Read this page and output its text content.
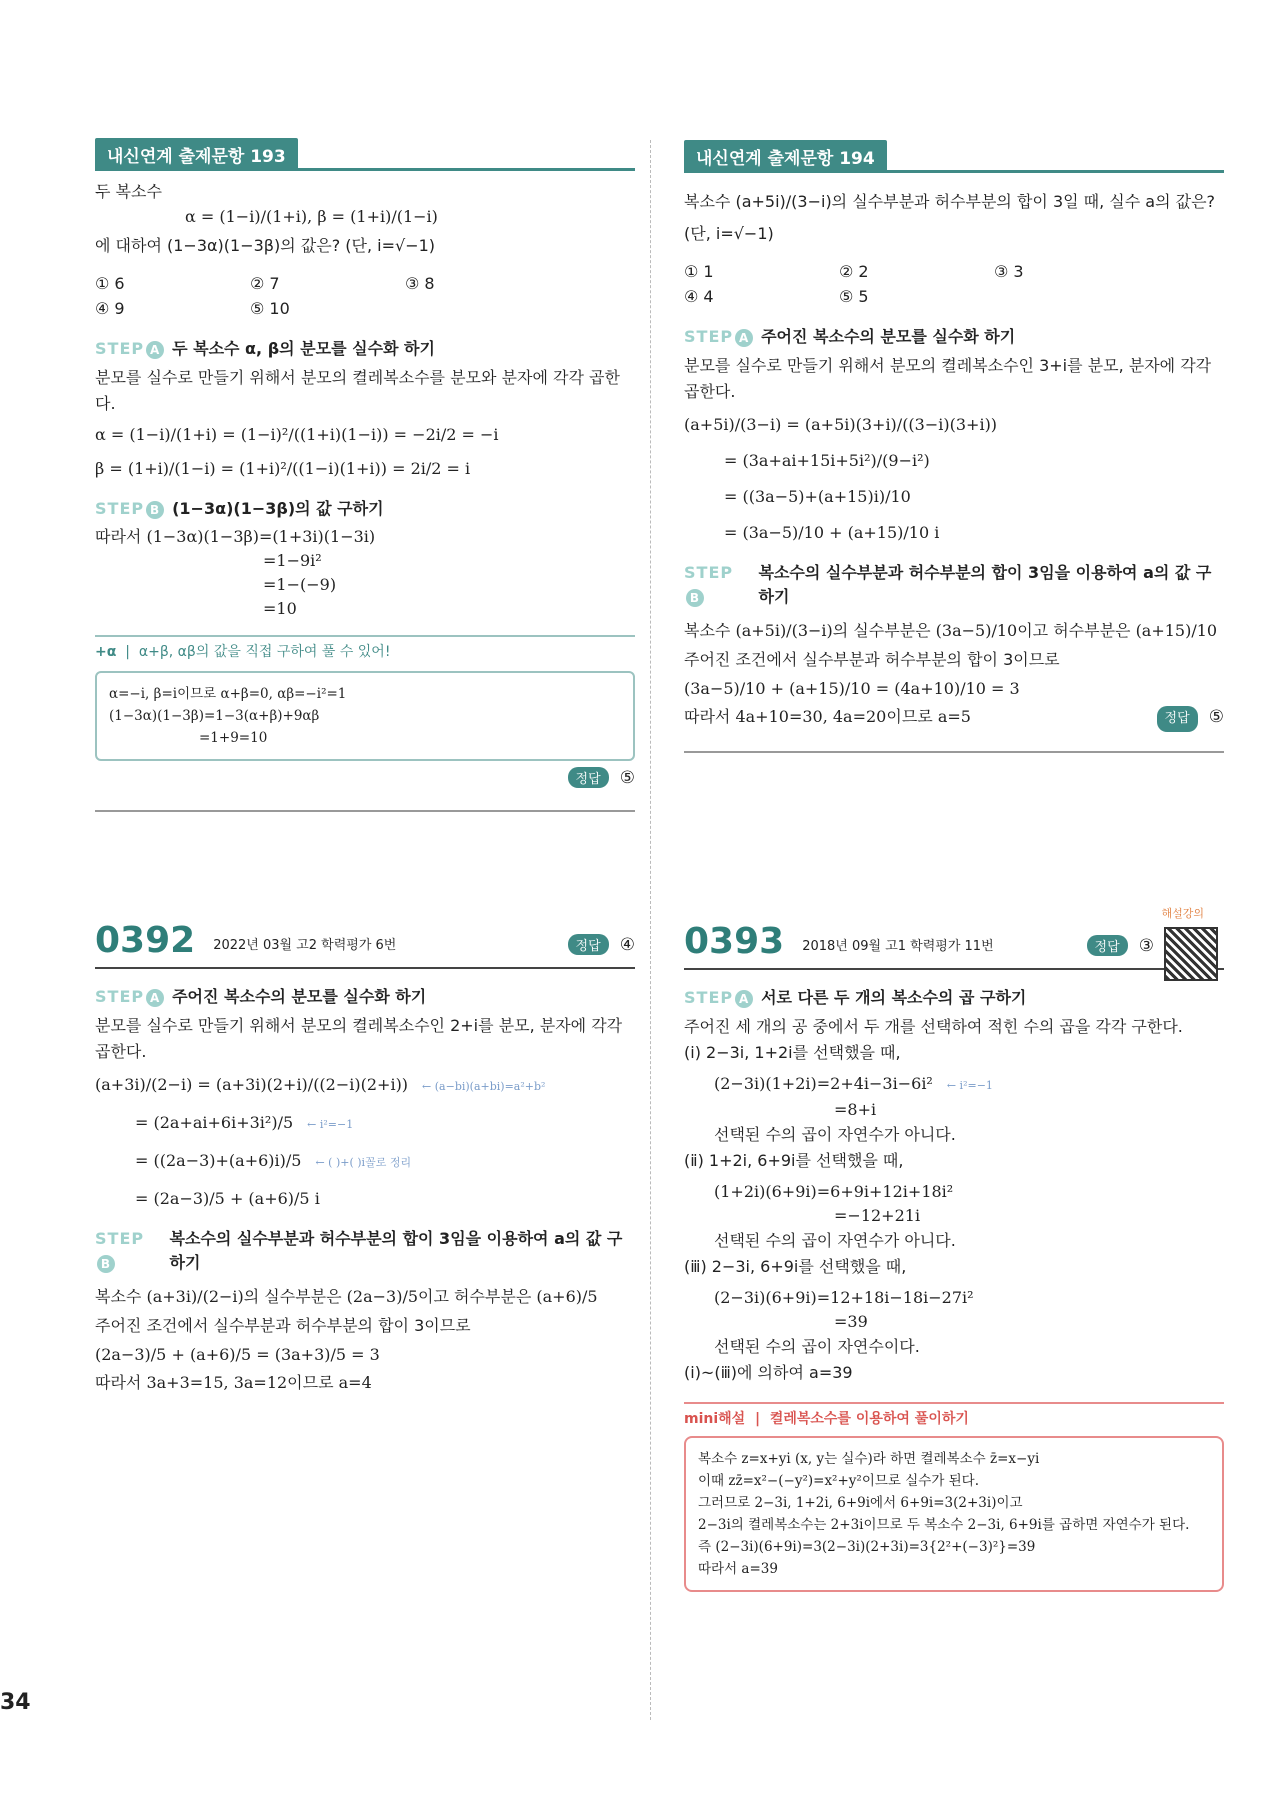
내신연계 출제문항 193
두 복소수
α = (1−i)/(1+i), β = (1+i)/(1−i)
에 대하여 (1−3α)(1−3β)의 값은? (단, i=√−1)
① 6	② 7	③ 8
④ 9	⑤ 10
STEP A 두 복소수 α, β의 분모를 실수화 하기
분모를 실수로 만들기 위해서 분모의 켤레복소수를 분모와 분자에 각각 곱한다.
α = (1−i)/(1+i) = (1−i)²/((1+i)(1−i)) = −2i/2 = −i
β = (1+i)/(1−i) = (1+i)²/((1−i)(1+i)) = 2i/2 = i
STEP B (1−3α)(1−3β)의 값 구하기
따라서 (1−3α)(1−3β)=(1+3i)(1−3i)
=1−9i²
=1−(−9)
=10
+α  |  α+β, αβ의 값을 직접 구하여 풀 수 있어!
α=−i, β=i이므로 α+β=0, αβ=−i²=1
(1−3α)(1−3β)=1−3(α+β)+9αβ
=1+9=10
정답 ⑤
0392 2022년 03월 고2 학력평가 6번	정답 ④
STEP A 주어진 복소수의 분모를 실수화 하기
분모를 실수로 만들기 위해서 분모의 켤레복소수인 2+i를 분모, 분자에 각각 곱한다.
(a+3i)/(2−i) = (a+3i)(2+i)/((2−i)(2+i)) ← (a−bi)(a+bi)=a²+b²
= (2a+ai+6i+3i²)/5 ← i²=−1
= ((2a−3)+(a+6)i)/5 ← ( )+( )i꼴로 정리
= (2a−3)/5 + (a+6)/5 i
STEPB
복소수의 실수부분과 허수부분의 합이 3임을 이용하여 a의 값 구하기
복소수 (a+3i)/(2−i)의 실수부분은 (2a−3)/5이고 허수부분은 (a+6)/5
주어진 조건에서 실수부분과 허수부분의 합이 3이므로
(2a−3)/5 + (a+6)/5 = (3a+3)/5 = 3
따라서 3a+3=15, 3a=12이므로 a=4
내신연계 출제문항 194
복소수 (a+5i)/(3−i)의 실수부분과 허수부분의 합이 3일 때, 실수 a의 값은?
(단, i=√−1)
① 1	② 2	③ 3
④ 4	⑤ 5
STEP A 주어진 복소수의 분모를 실수화 하기
분모를 실수로 만들기 위해서 분모의 켤레복소수인 3+i를 분모, 분자에 각각 곱한다.
(a+5i)/(3−i) = (a+5i)(3+i)/((3−i)(3+i))
= (3a+ai+15i+5i²)/(9−i²)
= ((3a−5)+(a+15)i)/10
= (3a−5)/10 + (a+15)/10 i
STEPB
복소수의 실수부분과 허수부분의 합이 3임을 이용하여 a의 값 구하기
복소수 (a+5i)/(3−i)의 실수부분은 (3a−5)/10이고 허수부분은 (a+15)/10
주어진 조건에서 실수부분과 허수부분의 합이 3이므로
(3a−5)/10 + (a+15)/10 = (4a+10)/10 = 3
따라서 4a+10=30, 4a=20이므로 a=5	정답 ⑤
해설강의
0393 2018년 09월 고1 학력평가 11번	정답 ③
STEP A 서로 다른 두 개의 복소수의 곱 구하기
주어진 세 개의 공 중에서 두 개를 선택하여 적힌 수의 곱을 각각 구한다.
(ⅰ) 2−3i, 1+2i를 선택했을 때,
(2−3i)(1+2i)=2+4i−3i−6i² ← i²=−1
=8+i
선택된 수의 곱이 자연수가 아니다.
(ⅱ) 1+2i, 6+9i를 선택했을 때,
(1+2i)(6+9i)=6+9i+12i+18i²
=−12+21i
선택된 수의 곱이 자연수가 아니다.
(ⅲ) 2−3i, 6+9i를 선택했을 때,
(2−3i)(6+9i)=12+18i−18i−27i²
=39
선택된 수의 곱이 자연수이다.
(ⅰ)~(ⅲ)에 의하여 a=39
mini해설  |  켤레복소수를 이용하여 풀이하기
복소수 z=x+yi (x, y는 실수)라 하면 켤레복소수 z̄=x−yi
이때 zz̄=x²−(−y²)=x²+y²이므로 실수가 된다.
그러므로 2−3i, 1+2i, 6+9i에서 6+9i=3(2+3i)이고
2−3i의 켤레복소수는 2+3i이므로 두 복소수 2−3i, 6+9i를 곱하면 자연수가 된다.
즉 (2−3i)(6+9i)=3(2−3i)(2+3i)=3{2²+(−3)²}=39
따라서 a=39
34
